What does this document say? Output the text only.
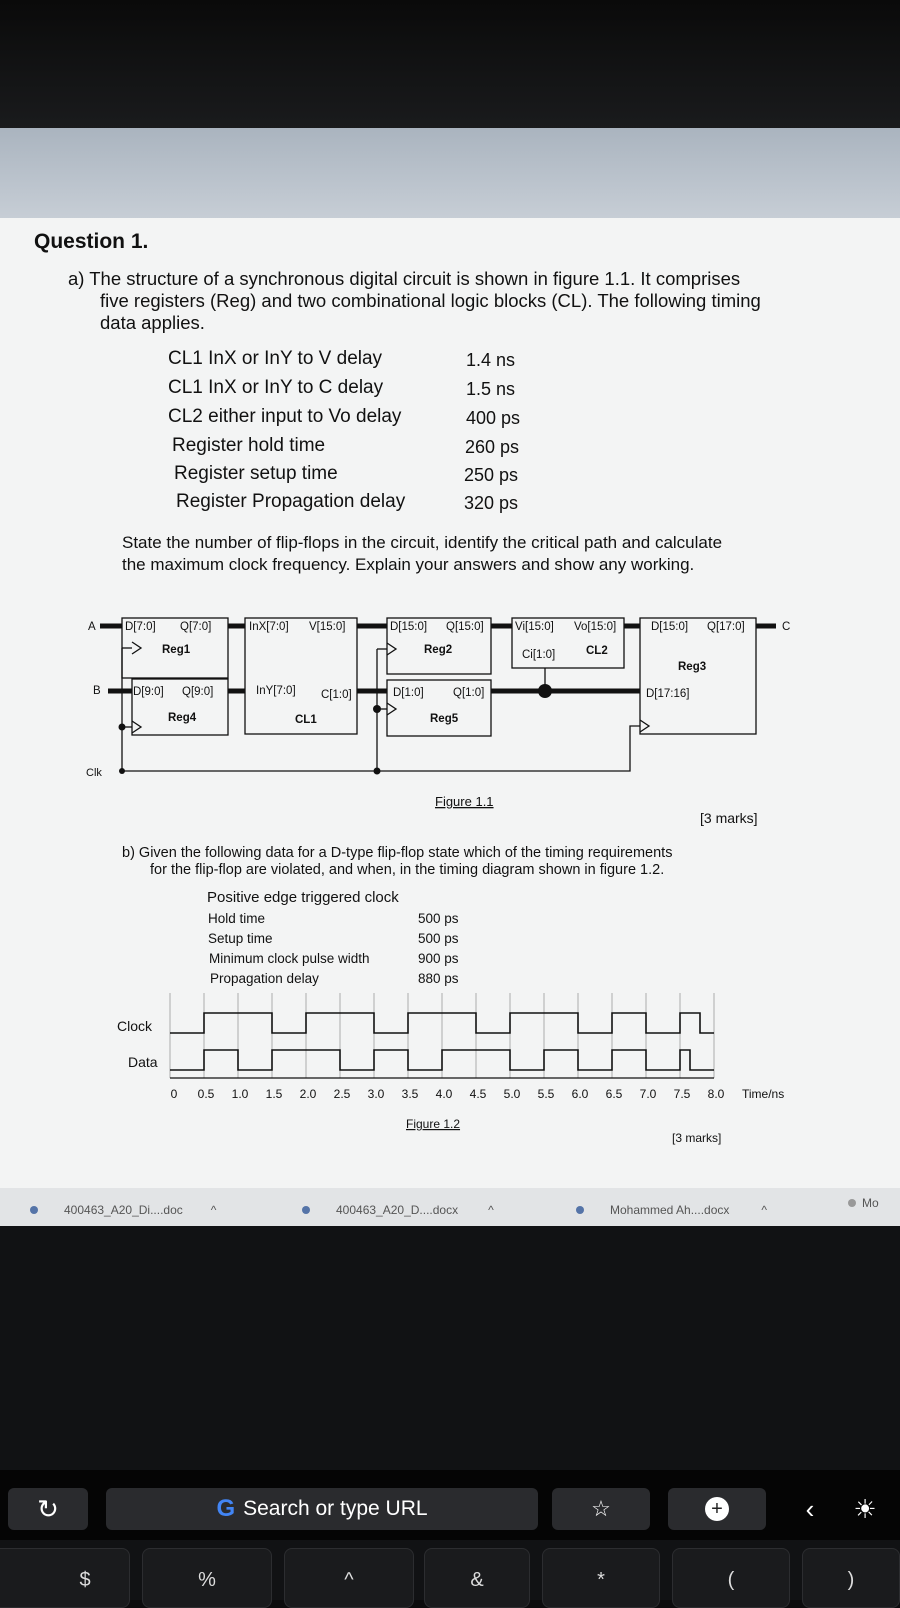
Question 1.
a) The structure of a synchronous digital circuit is shown in figure 1.1. It comprises
five registers (Reg) and two combinational logic blocks (CL). The following timing
data applies.
CL1 InX or InY to V delay	1.4 ns
CL1 InX or InY to C delay	1.5 ns
CL2 either input to Vo delay	400 ps
Register hold time	260 ps
Register setup time	250 ps
Register Propagation delay	320 ps
State the number of flip-flops in the circuit, identify the critical path and calculate
the maximum clock frequency. Explain your answers and show any working.
A
B
Clk
C
D[7:0] Q[7:0]
Reg1
InX[7:0] V[15:0]
InY[7:0] C[1:0]
CL1
D[15:0] Q[15:0]
Reg2
Vi[15:0] Vo[15:0]
Ci[1:0]	CL2
D[15:0] Q[17:0]
Reg3
D[17:16]
D[9:0] Q[9:0]
Reg4
D[1:0]	Q[1:0]
Reg5
Figure 1.1
[3 marks]
b) Given the following data for a D-type flip-flop state which of the timing requirements
for the flip-flop are violated, and when, in the timing diagram shown in figure 1.2.
Positive edge triggered clock
Hold time	500 ps
Setup time	500 ps
Minimum clock pulse width	900 ps
Propagation delay	880 ps
Clock
Data
0 0.5 1.0 1.5 2.0 2.5 3.0 3.5 4.0 4.5 5.0 5.5 6.0 6.5 7.0 7.5 8.0 Time/ns
Figure 1.2
[3 marks]
400463_A20_Di....doc ^	400463_A20_D....docx	^	Mohammed Ah....docx	^	Mo
↻	G Search or type URL	☆	+	‹	☀
$	%	^	&	*	(	)
